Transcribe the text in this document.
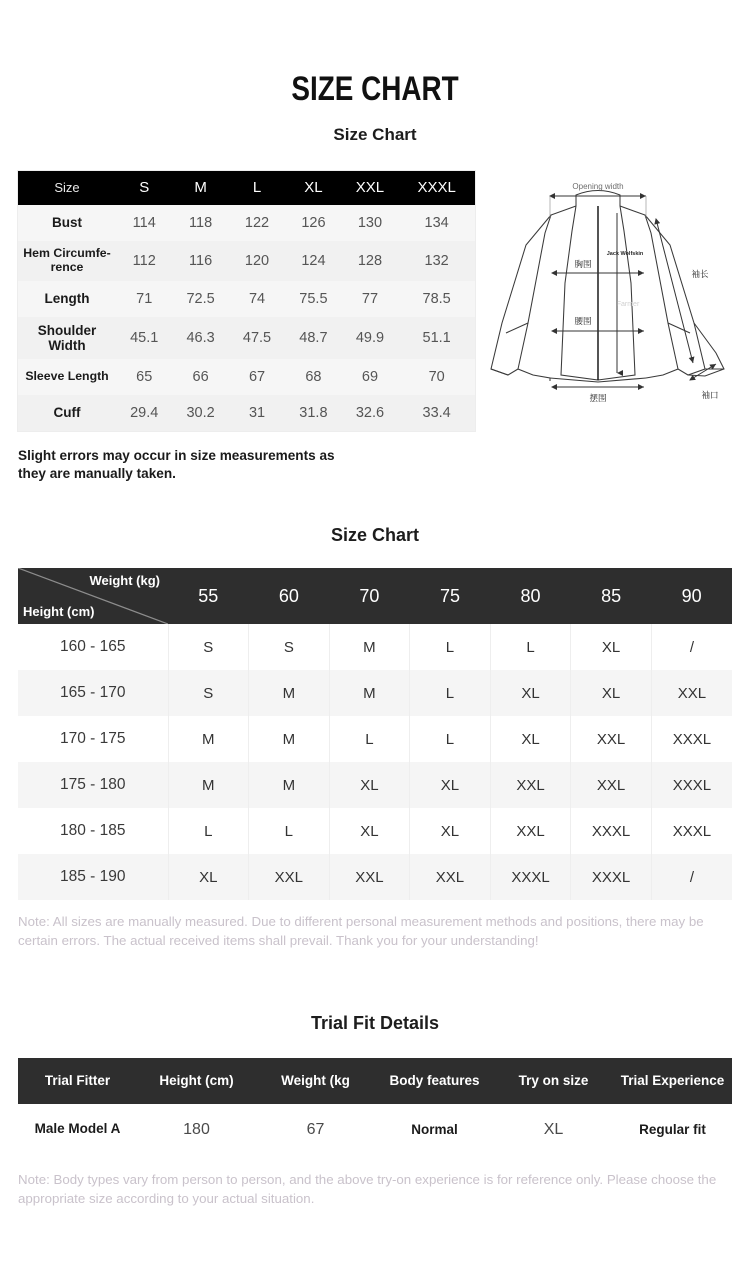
SIZE CHART
Size Chart
Size	S	M	L	XL	XXL	XXXL
Bust	114	118	122	126	130	134
Hem Circumfe-rence	112	116	120	124	128	132
Length	71	72.5	74	75.5	77	78.5
Shoulder Width	45.1	46.3	47.5	48.7	49.9	51.1
Sleeve Length	65	66	67	68	69	70
Cuff	29.4	30.2	31	31.8	32.6	33.4
Slight errors may occur in size measurements as they are manually taken.
Opening width
胸围
腰围
摆围
袖长
袖口
Jack Wolfskin
Farmer
Size Chart
Weight (kg)
Height (cm)	55	60	70	75	80	85	90
160 - 165	S	S	M	L	L	XL	/
165 - 170	S	M	M	L	XL	XL	XXL
170 - 175	M	M	L	L	XL	XXL	XXXL
175 - 180	M	M	XL	XL	XXL	XXL	XXXL
180 - 185	L	L	XL	XL	XXL	XXXL	XXXL
185 - 190	XL	XXL	XXL	XXL	XXXL	XXXL	/
Note: All sizes are manually measured. Due to different personal measurement methods and positions, there may be certain errors. The actual received items shall prevail. Thank you for your understanding!
Trial Fit Details
Trial Fitter	Height (cm)	Weight (kg	Body features	Try on size	Trial Experience
Male Model A	180	67	Normal	XL	Regular fit
Note: Body types vary from person to person, and the above try-on experience is for reference only. Please choose the appropriate size according to your actual situation.
